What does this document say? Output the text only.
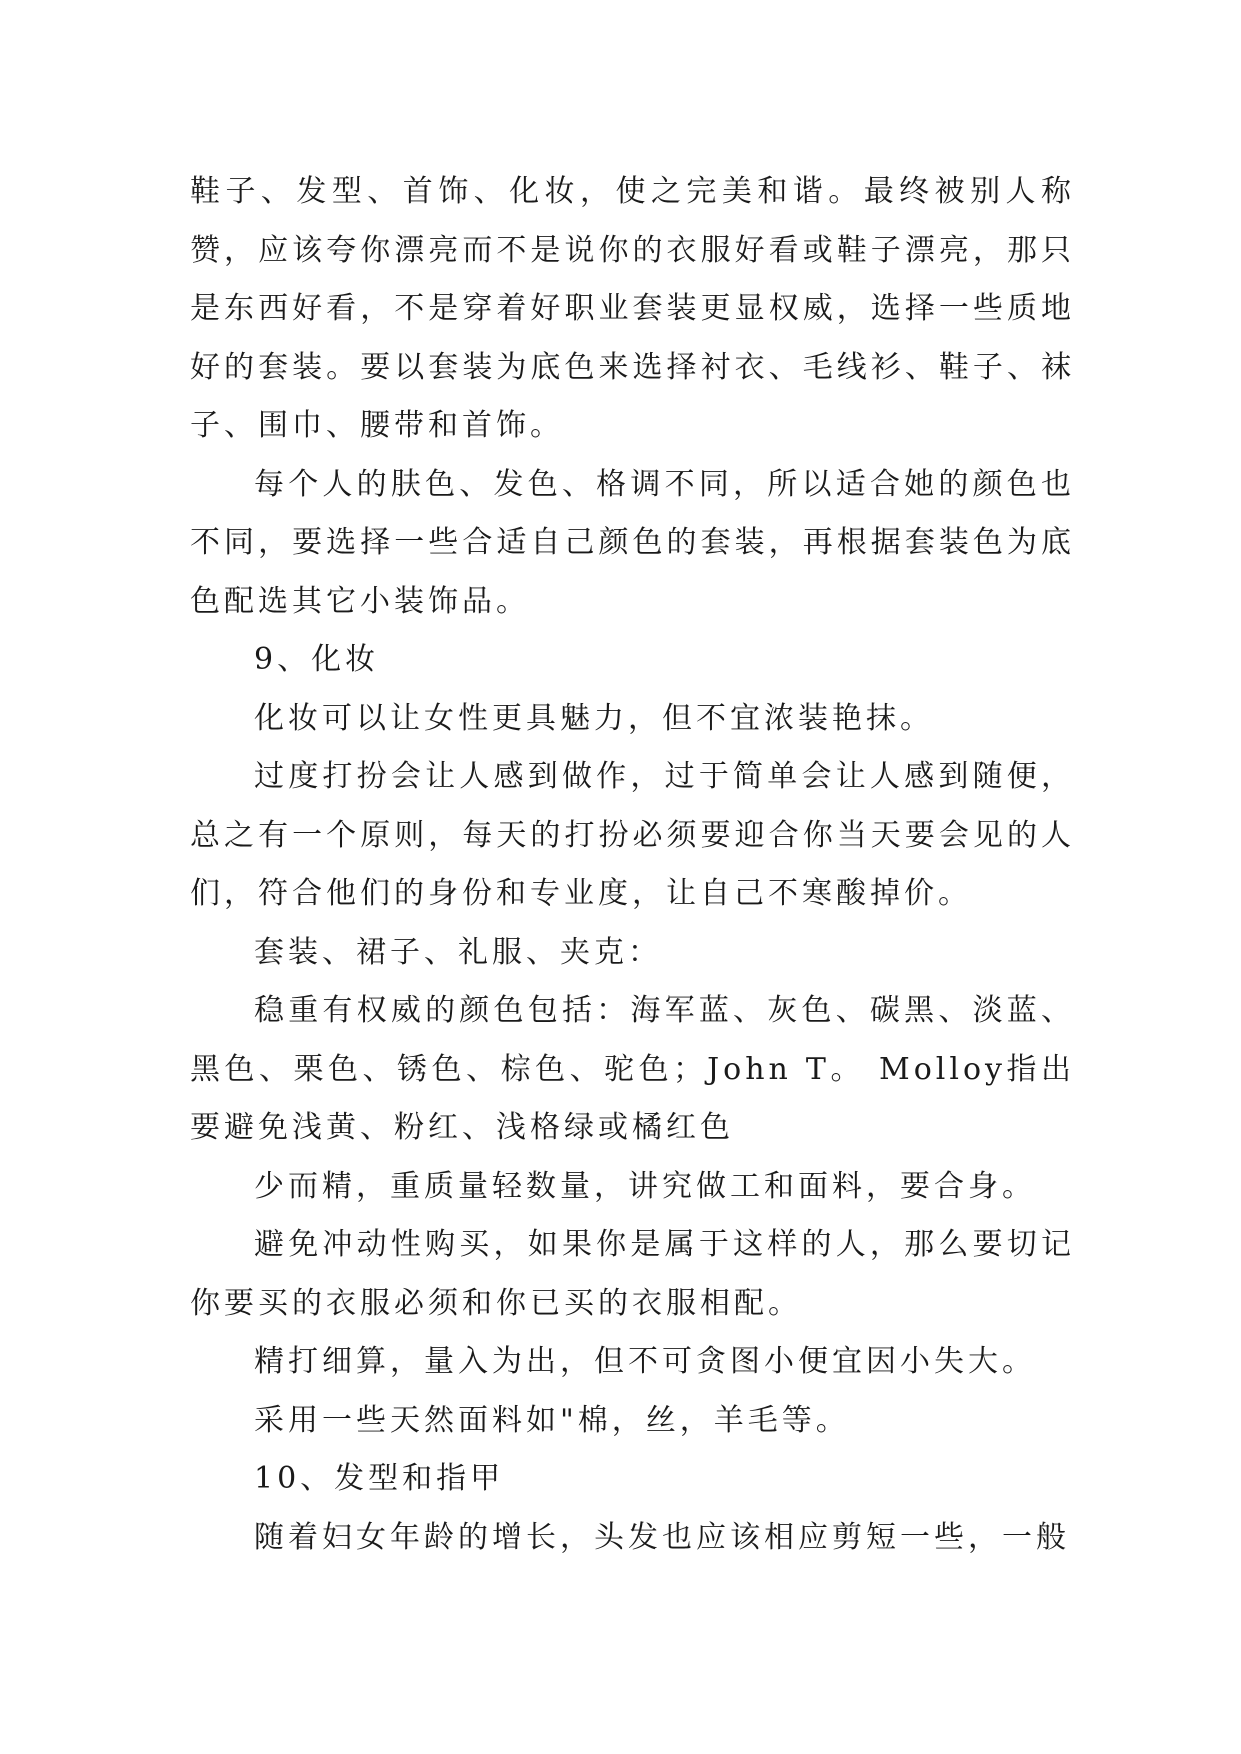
鞋子、发型、首饰、化妆，使之完美和谐。最终被别人称赞，应该夸你漂亮而不是说你的衣服好看或鞋子漂亮，那只是东西好看，不是穿着好职业套装更显权威，选择一些质地好的套装。要以套装为底色来选择衬衣、毛线衫、鞋子、袜子、围巾、腰带和首饰。

每个人的肤色、发色、格调不同，所以适合她的颜色也不同，要选择一些合适自己颜色的套装，再根据套装色为底色配选其它小装饰品。

9、化妆

化妆可以让女性更具魅力，但不宜浓装艳抹。

过度打扮会让人感到做作，过于简单会让人感到随便，总之有一个原则，每天的打扮必须要迎合你当天要会见的人们，符合他们的身份和专业度，让自己不寒酸掉价。

套装、裙子、礼服、夹克：

稳重有权威的颜色包括：海军蓝、灰色、碳黑、淡蓝、黑色、栗色、锈色、棕色、驼色；John T。 Molloy指出要避免浅黄、粉红、浅格绿或橘红色

少而精，重质量轻数量，讲究做工和面料，要合身。

避免冲动性购买，如果你是属于这样的人，那么要切记你要买的衣服必须和你已买的衣服相配。

精打细算，量入为出，但不可贪图小便宜因小失大。

采用一些天然面料如"棉，丝，羊毛等。

10、发型和指甲

随着妇女年龄的增长，头发也应该相应剪短一些，一般
